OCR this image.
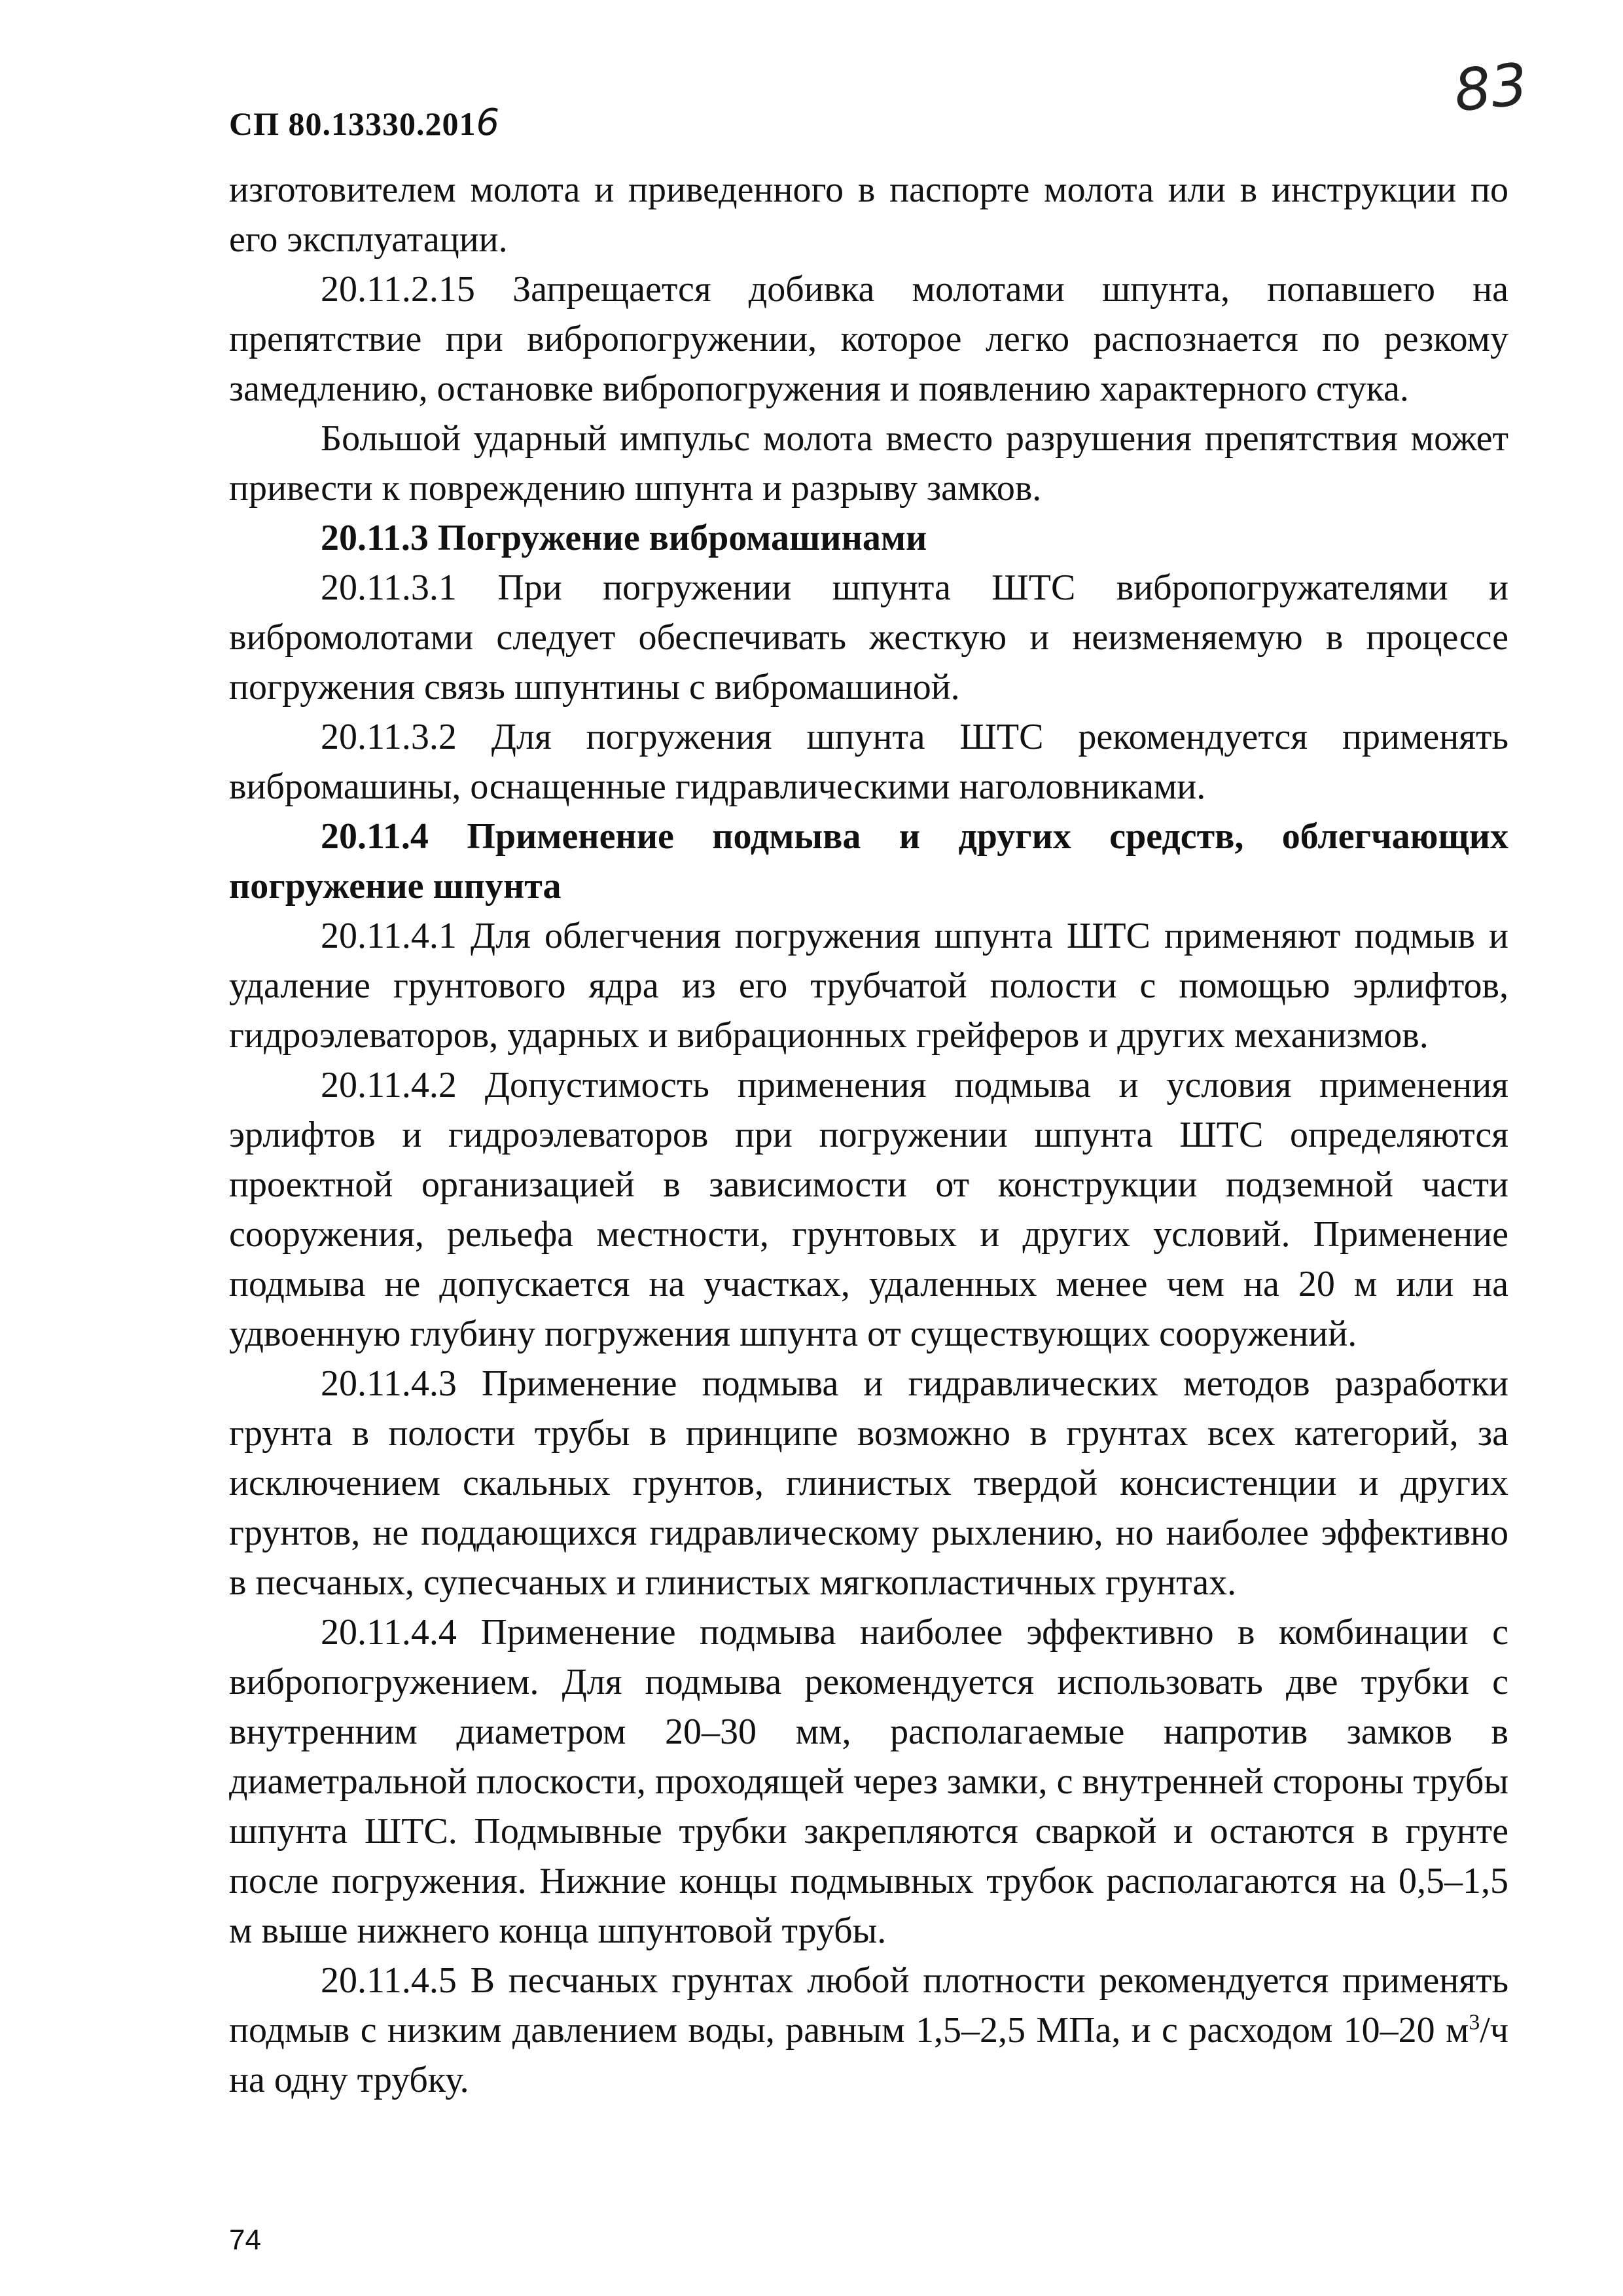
СП 80.13330.2016	83

изготовителем молота и приведенного в паспорте молота или в инструкции по его эксплуатации.

20.11.2.15 Запрещается добивка молотами шпунта, попавшего на препятствие при вибропогружении, которое легко распознается по резкому замедлению, остановке вибропогружения и появлению характерного стука.

Большой ударный импульс молота вместо разрушения препятствия может привести к повреждению шпунта и разрыву замков.

20.11.3 Погружение вибромашинами

20.11.3.1 При погружении шпунта ШТС вибропогружателями и вибромолотами следует обеспечивать жесткую и неизменяемую в процессе погружения связь шпунтины с вибромашиной.

20.11.3.2 Для погружения шпунта ШТС рекомендуется применять вибромашины, оснащенные гидравлическими наголовниками.

20.11.4 Применение подмыва и других средств, облегчающих погружение шпунта

20.11.4.1 Для облегчения погружения шпунта ШТС применяют подмыв и удаление грунтового ядра из его трубчатой полости с помощью эрлифтов, гидроэлеваторов, ударных и вибрационных грейферов и других механизмов.

20.11.4.2 Допустимость применения подмыва и условия применения эрлифтов и гидроэлеваторов при погружении шпунта ШТС определяются проектной организацией в зависимости от конструкции подземной части сооружения, рельефа местности, грунтовых и других условий. Применение подмыва не допускается на участках, удаленных менее чем на 20 м или на удвоенную глубину погружения шпунта от существующих сооружений.

20.11.4.3 Применение подмыва и гидравлических методов разработки грунта в полости трубы в принципе возможно в грунтах всех категорий, за исключением скальных грунтов, глинистых твердой консистенции и других грунтов, не поддающихся гидравлическому рыхлению, но наиболее эффективно в песчаных, супесчаных и глинистых мягкопластичных грунтах.

20.11.4.4 Применение подмыва наиболее эффективно в комбинации с вибропогружением. Для подмыва рекомендуется использовать две трубки с внутренним диаметром 20–30 мм, располагаемые напротив замков в диаметральной плоскости, проходящей через замки, с внутренней стороны трубы шпунта ШТС. Подмывные трубки закрепляются сваркой и остаются в грунте после погружения. Нижние концы подмывных трубок располагаются на 0,5–1,5 м выше нижнего конца шпунтовой трубы.

20.11.4.5 В песчаных грунтах любой плотности рекомендуется применять подмыв с низким давлением воды, равным 1,5–2,5 МПа, и с расходом 10–20 $м^3/ч$ на одну трубку.

74
